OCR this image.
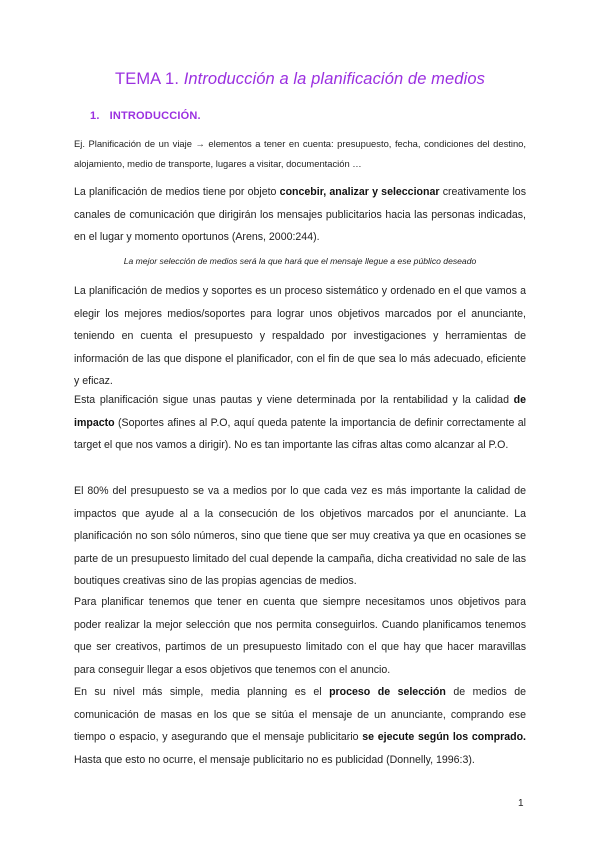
TEMA 1. Introducción a la planificación de medios
1. INTRODUCCIÓN.
Ej. Planificación de un viaje → elementos a tener en cuenta: presupuesto, fecha, condiciones del destino, alojamiento, medio de transporte, lugares a visitar, documentación …
La planificación de medios tiene por objeto concebir, analizar y seleccionar creativamente los canales de comunicación que dirigirán los mensajes publicitarios hacia las personas indicadas, en el lugar y momento oportunos (Arens, 2000:244).
La mejor selección de medios será la que hará que el mensaje llegue a ese público deseado
La planificación de medios y soportes es un proceso sistemático y ordenado en el que vamos a elegir los mejores medios/soportes para lograr unos objetivos marcados por el anunciante, teniendo en cuenta el presupuesto y respaldado por investigaciones y herramientas de información de las que dispone el planificador, con el fin de que sea lo más adecuado, eficiente y eficaz.
Esta planificación sigue unas pautas y viene determinada por la rentabilidad y la calidad de impacto (Soportes afines al P.O, aquí queda patente la importancia de definir correctamente al target el que nos vamos a dirigir). No es tan importante las cifras altas como alcanzar al P.O.
El 80% del presupuesto se va a medios por lo que cada vez es más importante la calidad de impactos que ayude al a la consecución de los objetivos marcados por el anunciante. La planificación no son sólo números, sino que tiene que ser muy creativa ya que en ocasiones se parte de un presupuesto limitado del cual depende la campaña, dicha creatividad no sale de las boutiques creativas sino de las propias agencias de medios.
Para planificar tenemos que tener en cuenta que siempre necesitamos unos objetivos para poder realizar la mejor selección que nos permita conseguirlos. Cuando planificamos tenemos que ser creativos, partimos de un presupuesto limitado con el que hay que hacer maravillas para conseguir llegar a esos objetivos que tenemos con el anuncio.
En su nivel más simple, media planning es el proceso de selección de medios de comunicación de masas en los que se sitúa el mensaje de un anunciante, comprando ese tiempo o espacio, y asegurando que el mensaje publicitario se ejecute según los comprado. Hasta que esto no ocurre, el mensaje publicitario no es publicidad (Donnelly, 1996:3).
1
